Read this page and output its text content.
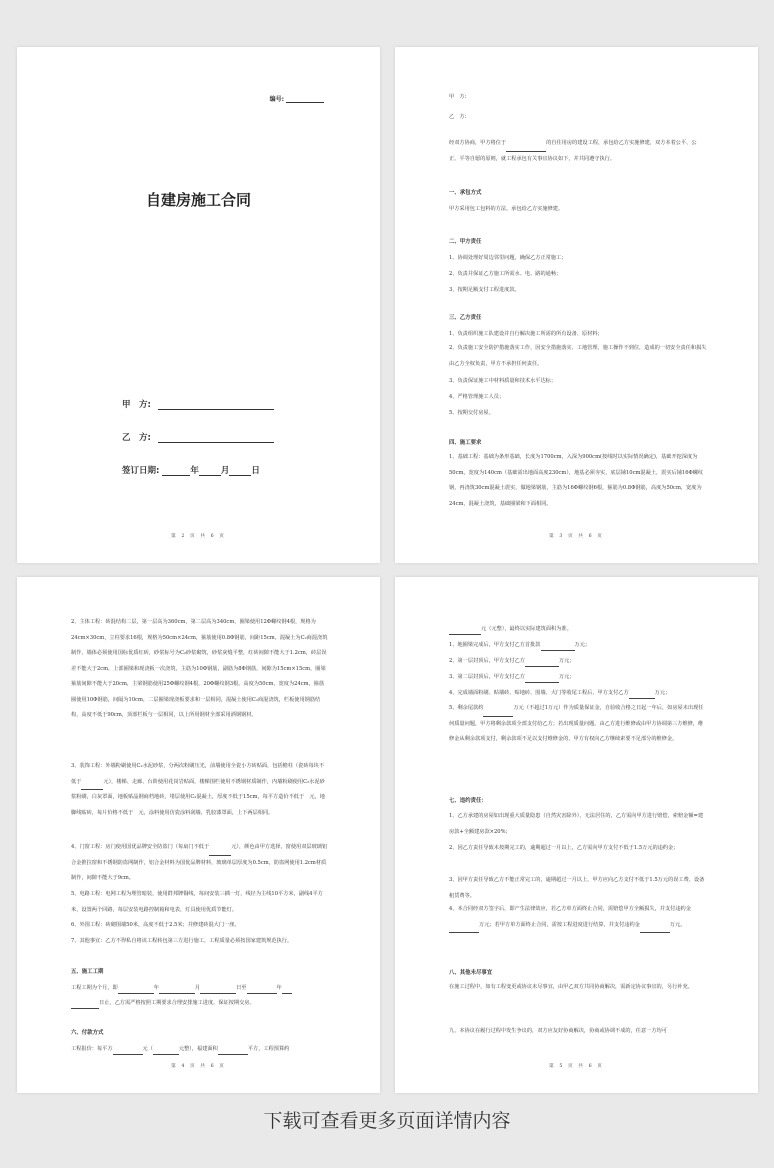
编号:
自建房施工合同
甲　方:
乙　方:
签订日期:	年	月	日
第 2 页 共 6 页
甲　方:
乙　方:
经双方协商，甲方将位于	的自住用房的建设工程，承包给乙方实施修建，双方本着公平、公正、平等自愿的原则，就工程承包有关事宜协议如下，并共同遵守执行。
一、承包方式
甲方采用包工包料的方法，承包给乙方实施修建。
二、甲方责任
1、协调处理好周边邻里问题，确保乙方正常施工；
2、负责并保证乙方施工所需水、电、路的通畅；
3、按期足额支付工程进度款。
三、乙方责任
1、负责组织施工队建设并自行解决施工所需的所有设备、原材料；
2、负责施工安全防护措施落实工作，因安全措施落实、工地管理、施工操作不到位，造成的一切安全责任和损失由乙方全权负责，甲方不承担任何责任。
3、负责保证施工中材料质量和技术水平达标；
4、严格管理施工人员；
5、按期交付房屋。
四、施工要求
1、基础工程：基础为条形基础，长度为1700cm，入深为900cm(按线时以实际情况确定)，基础开挖深度为50cm，宽度为140cm（基础需出地面高度230cm），地基必须夯实，底层铺10cm混凝土，震实后铺16Φ螺纹钢，再浇筑30cm混凝土震实，做地梁钢筋，主筋为16Φ螺纹钢6根，箍筋为0.8Φ钢筋，高度为50cm，宽度为24cm，混凝土浇筑，基础圈梁和下面相同。
第 3 页 共 6 页
2、主体工程：砖混结构二层，第一层高为360cm，第二层高为340cm，圈梁使用12Φ螺纹钢4根，规格为24cm×30cm，立柱要求16根，规格为50cm×24cm，箍筋使用0.8Φ钢筋，间距15cm，混凝土为C₂商混浇筑制作，墙体必须使用国标优质红砖，砂浆标号为C₂砂浆砌筑，砂浆灰缝平整，红砖间隙不能大于1.2cm，砖层误差不能大于2cm，上部圈梁和现浇板一次浇筑，主筋为10Φ钢筋，副筋为8Φ钢筋，间隙为15cm×15cm，圈梁箍筋间隙不能大于20cm，主梁钢筋使用25Φ螺纹钢4根，20Φ螺纹钢3根，高度为50cm，宽度为24cm，箍筋圈使用10Φ钢筋，间隔为10cm，二层圈梁现浇板要求和一层相同，混凝土使用C₂商混浇筑，栏板使用钢筋结构，高度不低于90cm，顶部栏板与一层相同，以上所用钢材全部采用酒钢钢材。
3、装饰工程：外墙粉刷使用C₂水泥砂浆，分两次粉刷压光，前墙使用全瓷小方砖贴面，包括檐柱（瓷砖每块不低于	元），楼梯、走廊、台阶使用花岗岩贴面，楼梯围栏使用不锈钢材质制作，内墙粉刷使用C₂水泥砂浆粉刷，白灰罩面，地板贴晶钢商档地砖，堵层使用C₂混凝土，厚度不低于15cm，每平方造价不低于　元，地脚线贴砖，每片价格不低于　元，涂料使用仿瓷涂料刮墙，乳胶漆罩面，上下两层相同。
4、门窗工程：房门使用国优品牌安全防盗门（每扇门不低于	元），颜色由甲方选择，窗使用双层玻璃铝合金推拉窗和不锈钢防盗网制作，铝合金材料为国优品牌材料，玻璃单层厚度为0.5cm，防盗网使用1.2cm材质制作，间隙不能大于9cm。
5、电路工程：电网工程为埋管暗装，使用群邦牌铜线，每间安装三插一灯，线径为主线10平方米，副线4平方米，设置两个回路，每层安装电路控制箱和电表，灯具使用优质节能灯。
6、外围工程：砖砌围墙50米，高度不低于2.5米；并修建砖混大门一座。
7、其他事宜：乙方不得私自将该工程转包第三方进行施工，工程质量必须按国家建筑规范执行。
五、施工工期
工程工期为个月，即	年	月	日至	年
日止，乙方需严格按照工期要求合理安排施工进度，保证按期交房。
六、付款方式
工程报价：每平方	元（	元整），福建面积	平方，工程预算约
第 4 页 共 6 页
元（元整），最终以实际建筑面积为准。
1、地圈梁完成后，甲方支付乙方首批款	万元；
2、第一层封顶后，甲方支付乙方	万元；
3、第二层封顶后，甲方支付乙方	万元；
4、完成墙面粉刷、贴墙砖、贴地砖、围墙、大门等收尾工程后，甲方支付乙方	万元；
5、剩余尾款约	万元（不超过1万元）作为质量保证金，自验收合格之日起一年后，如房屋未出现任何质量问题，甲方将剩余款项全部支付给乙方；若出现质量问题，由乙方进行维修或由甲方协调第三方维修，维修金从剩余款项支付，剩余款项不足以支付维修金的，甲方有权向乙方继续索要不足部分的维修金。
七、违约责任：
1、乙方承建的房屋如出现重大质量隐患（自然灾害除外），无法居住的，乙方需向甲方进行赔偿，索赔金额=建房款+全额建房款×20%；
2、因乙方责任导致未按期完工的，逾期超过一月以上，乙方需向甲方支付不低于1.5万元的违约金；
3、因甲方责任导致乙方不能正常完工的，逾期超过一月以上，甲方应向乙方支付不低于1.5万元的误工费、设备租赁费等。
4、本合同经双方签字后，即产生法律效应，若乙方单方面终止合同，需赔偿甲方全额损失，并支付违约金万元；若甲方单方面终止合同，需按工程进度进行结算，并支付违约金	万元。
八、其他未尽事宜
在施工过程中，如有工程变更或协议未尽事宜，由甲乙双方共同协商解决，需新定协议事宜的，另行补充。
九、本协议在履行过程中发生争议的，双方应友好协商解决，协商或协调不成的，任意一方均可
第 5 页 共 6 页
下载可查看更多页面详情内容
